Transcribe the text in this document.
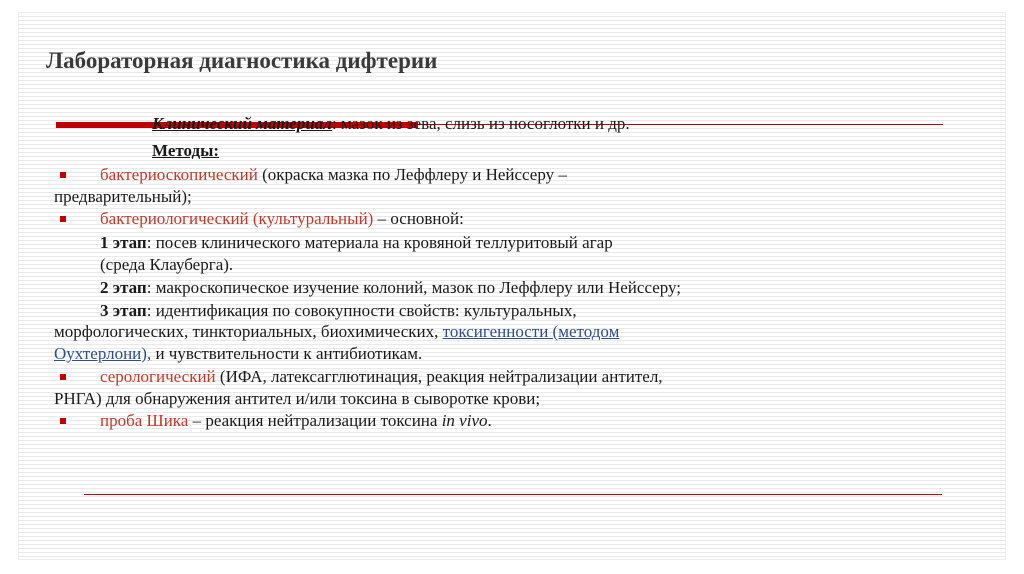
Лабораторная диагностика дифтерии
Клинический материал: мазок из зева, слизь из носоглотки и др.
Методы:
бактериоскопический (окраска мазка по Леффлеру и Нейссеру –
предварительный);
бактериологический (культуральный) – основной:
1 этап: посев клинического материала на кровяной теллуритовый агар
(среда Клауберга).
2 этап: макроскопическое изучение колоний, мазок по Леффлеру или Нейссеру;
3 этап: идентификация по совокупности свойств: культуральных,
морфологических, тинкториальных, биохимических, токсигенности (методом
Оухтерлони), и чувствительности к антибиотикам.
серологический (ИФА, латексагглютинация, реакция нейтрализации антител,
РНГА) для обнаружения антител и/или токсина в сыворотке крови;
проба Шика – реакция нейтрализации токсина in vivo.
